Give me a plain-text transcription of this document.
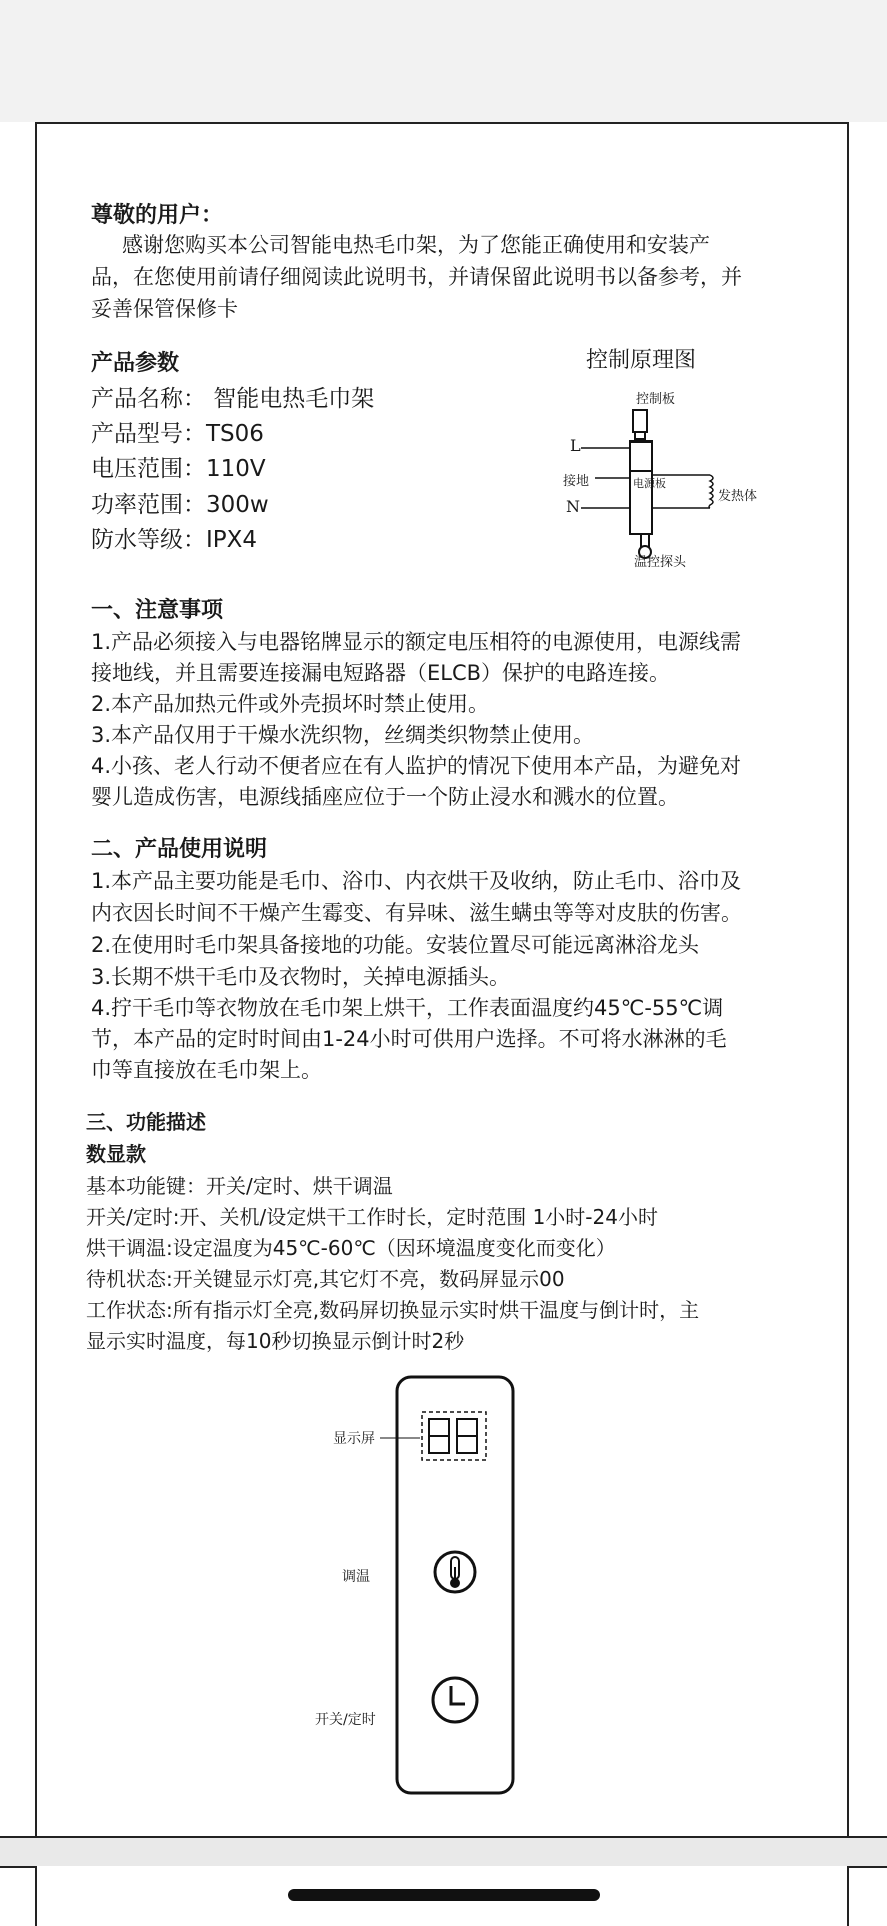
尊敬的用户：
感谢您购买本公司智能电热毛巾架，为了您能正确使用和安装产
品，在您使用前请仔细阅读此说明书，并请保留此说明书以备参考，并
妥善保管保修卡
产品参数
产品名称： 智能电热毛巾架
产品型号：TS06
电压范围：110V
功率范围：300w
防水等级：IPX4
控制原理图
控制板
L
接地
N
电源板
发热体
温控探头
一、注意事项
1.产品必须接入与电器铭牌显示的额定电压相符的电源使用，电源线需
接地线，并且需要连接漏电短路器（ELCB）保护的电路连接。
2.本产品加热元件或外壳损坏时禁止使用。
3.本产品仅用于干燥水洗织物，丝绸类织物禁止使用。
4.小孩、老人行动不便者应在有人监护的情况下使用本产品，为避免对
婴儿造成伤害，电源线插座应位于一个防止浸水和溅水的位置。
二、产品使用说明
1.本产品主要功能是毛巾、浴巾、内衣烘干及收纳，防止毛巾、浴巾及
内衣因长时间不干燥产生霉变、有异味、滋生螨虫等等对皮肤的伤害。
2.在使用时毛巾架具备接地的功能。安装位置尽可能远离淋浴龙头
3.长期不烘干毛巾及衣物时，关掉电源插头。
4.拧干毛巾等衣物放在毛巾架上烘干，工作表面温度约45℃-55℃调
节，本产品的定时时间由1-24小时可供用户选择。不可将水淋淋的毛
巾等直接放在毛巾架上。
三、功能描述
数显款
基本功能键：开关/定时、烘干调温
开关/定时:开、关机/设定烘干工作时长，定时范围 1小时-24小时
烘干调温:设定温度为45℃-60℃（因环境温度变化而变化）
待机状态:开关键显示灯亮,其它灯不亮，数码屏显示00
工作状态:所有指示灯全亮,数码屏切换显示实时烘干温度与倒计时，主
显示实时温度，每10秒切换显示倒计时2秒
显示屏
调温
开关/定时
